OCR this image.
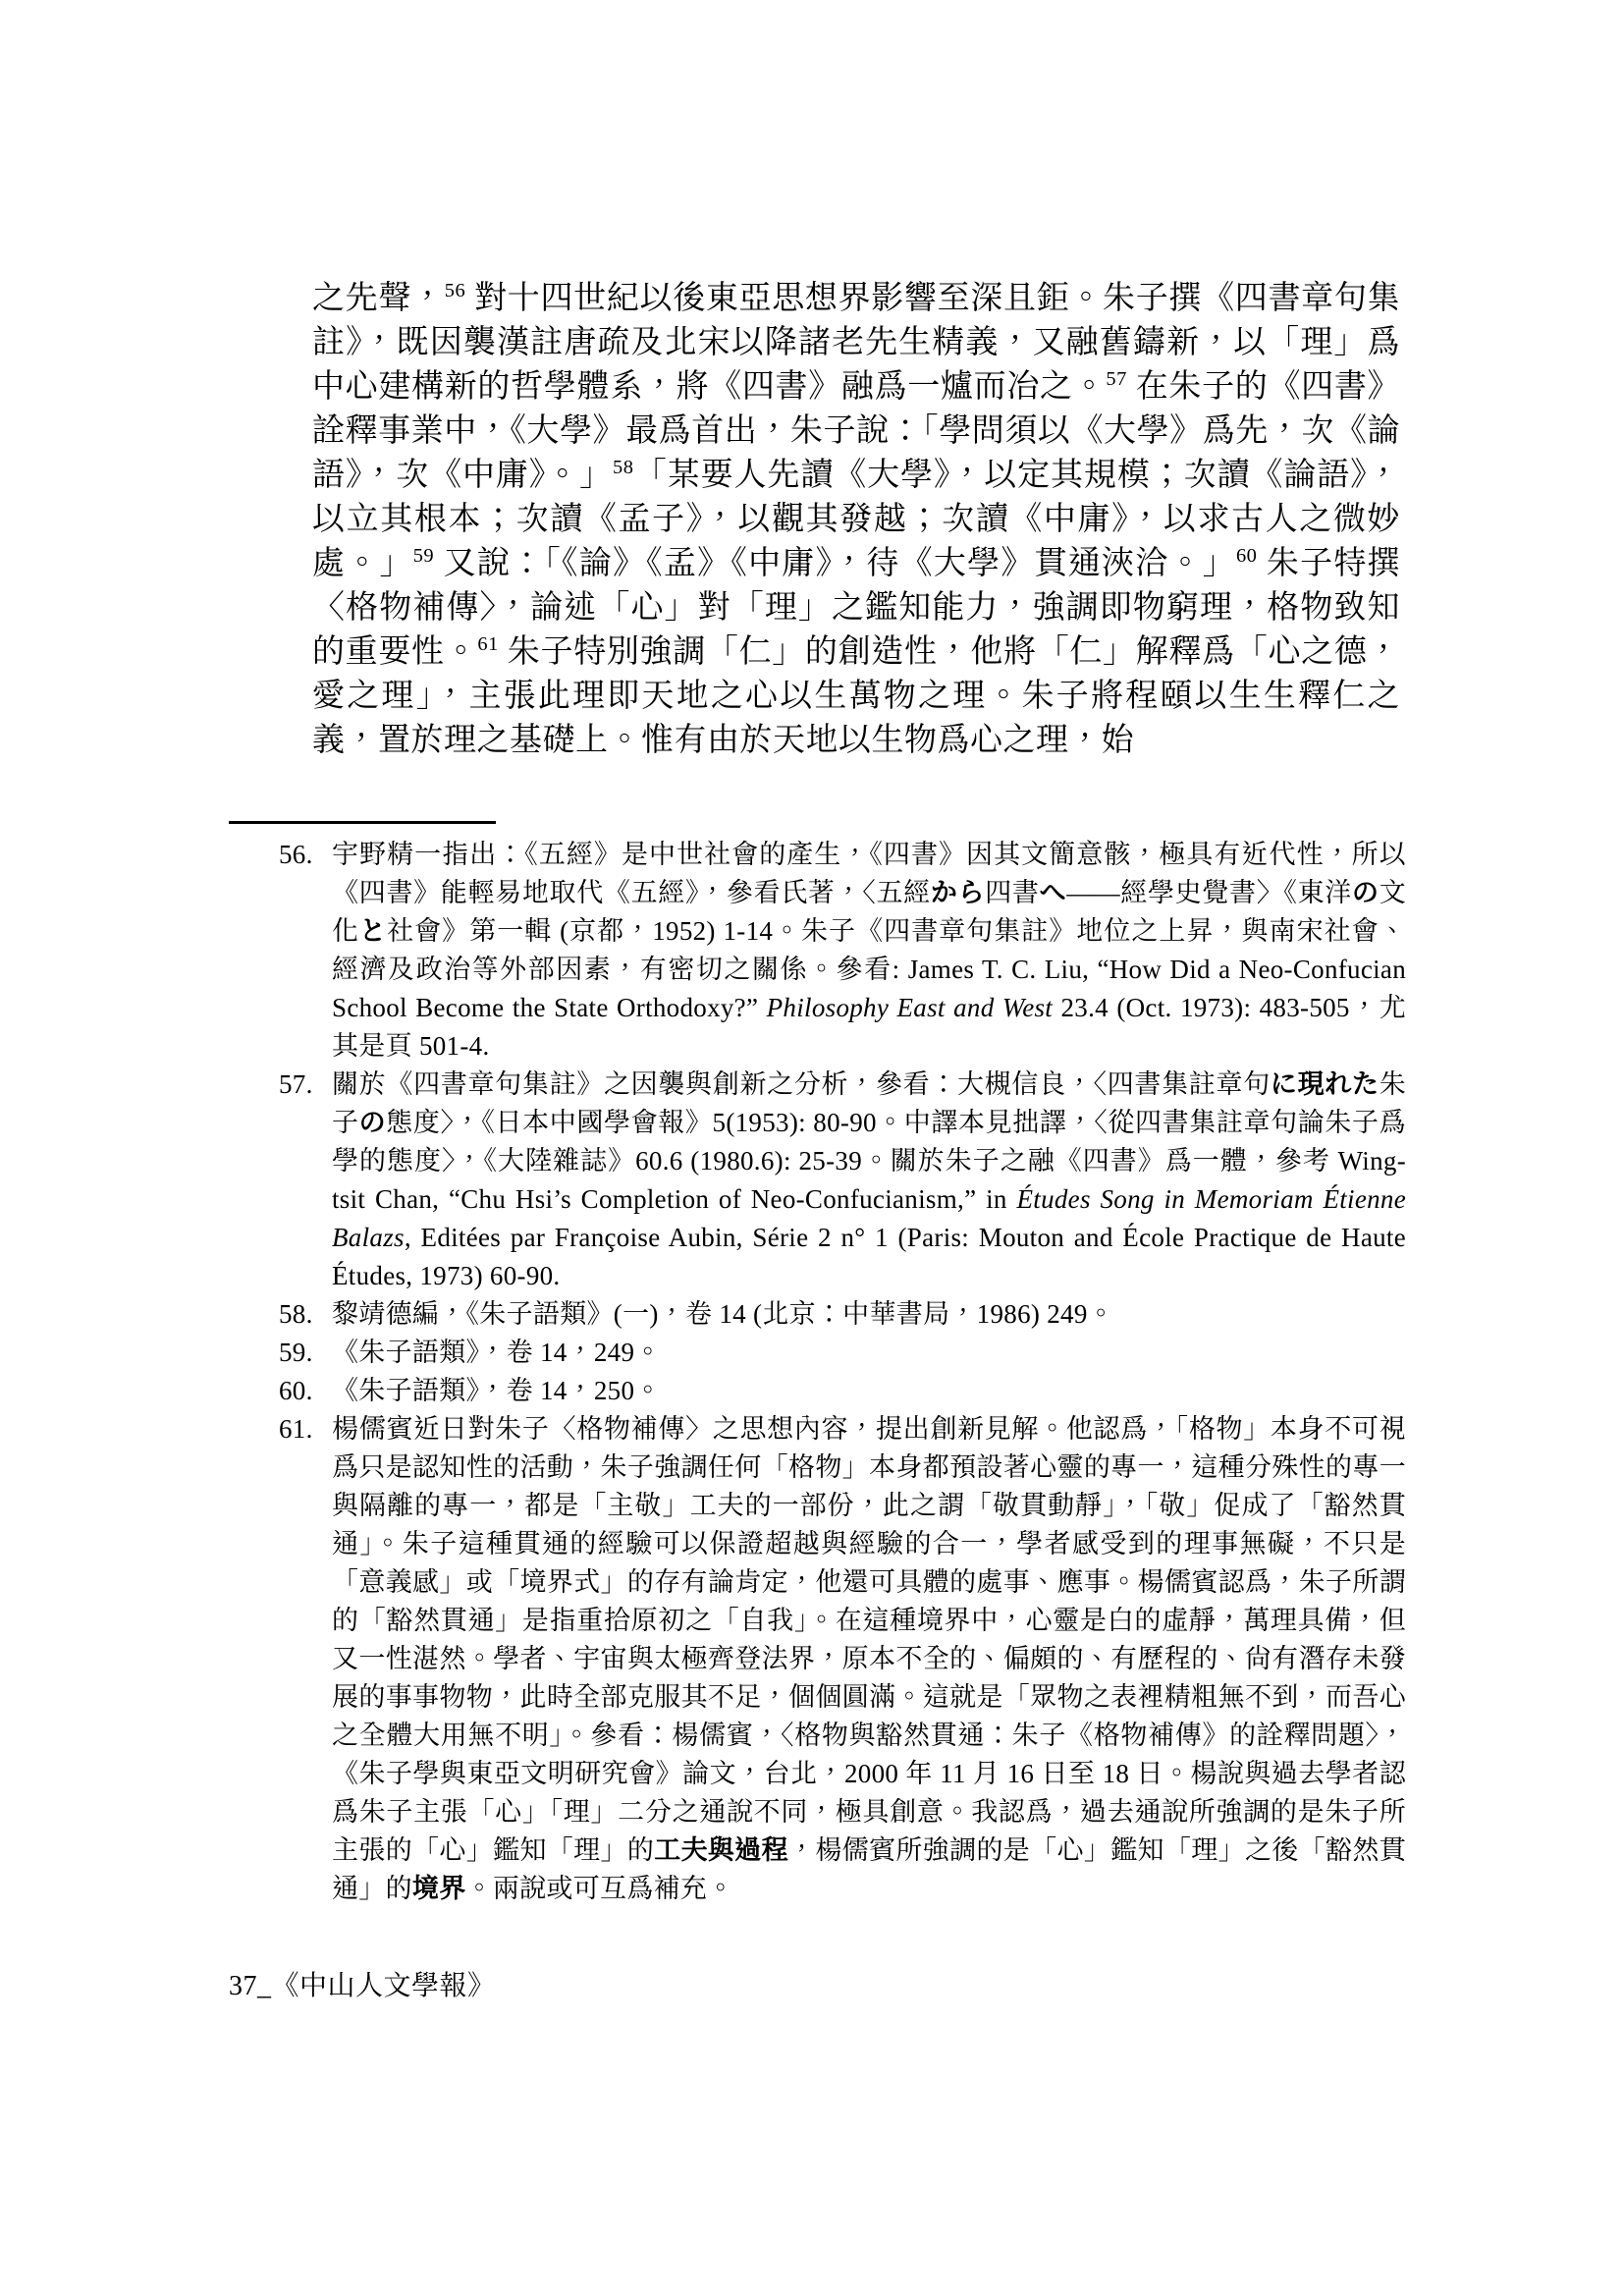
之先聲，$^{56}$ 對十四世紀以後東亞思想界影響至深且鉅。朱子撰《四書章句集註》，既因襲漢註唐疏及北宋以降諸老先生精義，又融舊鑄新，以「理」爲中心建構新的哲學體系，將《四書》融爲一爐而冶之。$^{57}$ 在朱子的《四書》詮釋事業中，《大學》最爲首出，朱子說：「學問須以《大學》爲先，次《論語》，次《中庸》。」$^{58}$「某要人先讀《大學》，以定其規模；次讀《論語》，以立其根本；次讀《孟子》，以觀其發越；次讀《中庸》，以求古人之微妙處。」$^{59}$ 又說：「《論》《孟》《中庸》，待《大學》貫通浹洽。」$^{60}$ 朱子特撰〈格物補傳〉，論述「心」對「理」之鑑知能力，強調即物窮理，格物致知的重要性。$^{61}$ 朱子特別強調「仁」的創造性，他將「仁」解釋爲「心之德，愛之理」，主張此理即天地之心以生萬物之理。朱子將程頤以生生釋仁之義，置於理之基礎上。惟有由於天地以生物爲心之理，始

56. 宇野精一指出：《五經》是中世社會的產生，《四書》因其文簡意骸，極具有近代性，所以《四書》能輕易地取代《五經》，參看氏著，〈五經から四書へ——經學史覺書〉《東洋の文化と社會》第一輯 (京都，1952) 1-14。朱子《四書章句集註》地位之上昇，與南宋社會、經濟及政治等外部因素，有密切之關係。參看: James T. C. Liu, “How Did a Neo-Confucian School Become the State Orthodoxy?” Philosophy East and West 23.4 (Oct. 1973): 483-505，尤其是頁 501-4.
57. 關於《四書章句集註》之因襲與創新之分析，參看：大槻信良，〈四書集註章句に現れた朱子の態度〉，《日本中國學會報》5(1953): 80-90。中譯本見拙譯，〈從四書集註章句論朱子爲學的態度〉，《大陸雜誌》60.6 (1980.6): 25-39。關於朱子之融《四書》爲一體，參考 Wing-tsit Chan, “Chu Hsi’s Completion of Neo-Confucianism,” in Études Song in Memoriam Étienne Balazs, Editées par Françoise Aubin, Série 2 n° 1 (Paris: Mouton and École Practique de Haute Études, 1973) 60-90.
58. 黎靖德編，《朱子語類》(一)，卷 14 (北京：中華書局，1986) 249。
59. 《朱子語類》，卷 14，249。
60. 《朱子語類》，卷 14，250。
61. 楊儒賓近日對朱子〈格物補傳〉之思想內容，提出創新見解。他認爲，「格物」本身不可視爲只是認知性的活動，朱子強調任何「格物」本身都預設著心靈的專一，這種分殊性的專一與隔離的專一，都是「主敬」工夫的一部份，此之謂「敬貫動靜」，「敬」促成了「豁然貫通」。朱子這種貫通的經驗可以保證超越與經驗的合一，學者感受到的理事無礙，不只是「意義感」或「境界式」的存有論肯定，他還可具體的處事、應事。楊儒賓認爲，朱子所謂的「豁然貫通」是指重拾原初之「自我」。在這種境界中，心靈是白的虛靜，萬理具備，但又一性湛然。學者、宇宙與太極齊登法界，原本不全的、偏頗的、有歷程的、尙有潛存未發展的事事物物，此時全部克服其不足，個個圓滿。這就是「眾物之表裡精粗無不到，而吾心之全體大用無不明」。參看：楊儒賓，〈格物與豁然貫通：朱子《格物補傳》的詮釋問題〉，《朱子學與東亞文明研究會》論文，台北，2000 年 11 月 16 日至 18 日。楊說與過去學者認爲朱子主張「心」「理」二分之通說不同，極具創意。我認爲，過去通說所強調的是朱子所主張的「心」鑑知「理」的工夫與過程，楊儒賓所強調的是「心」鑑知「理」之後「豁然貫通」的境界。兩說或可互爲補充。
37_《中山人文學報》
